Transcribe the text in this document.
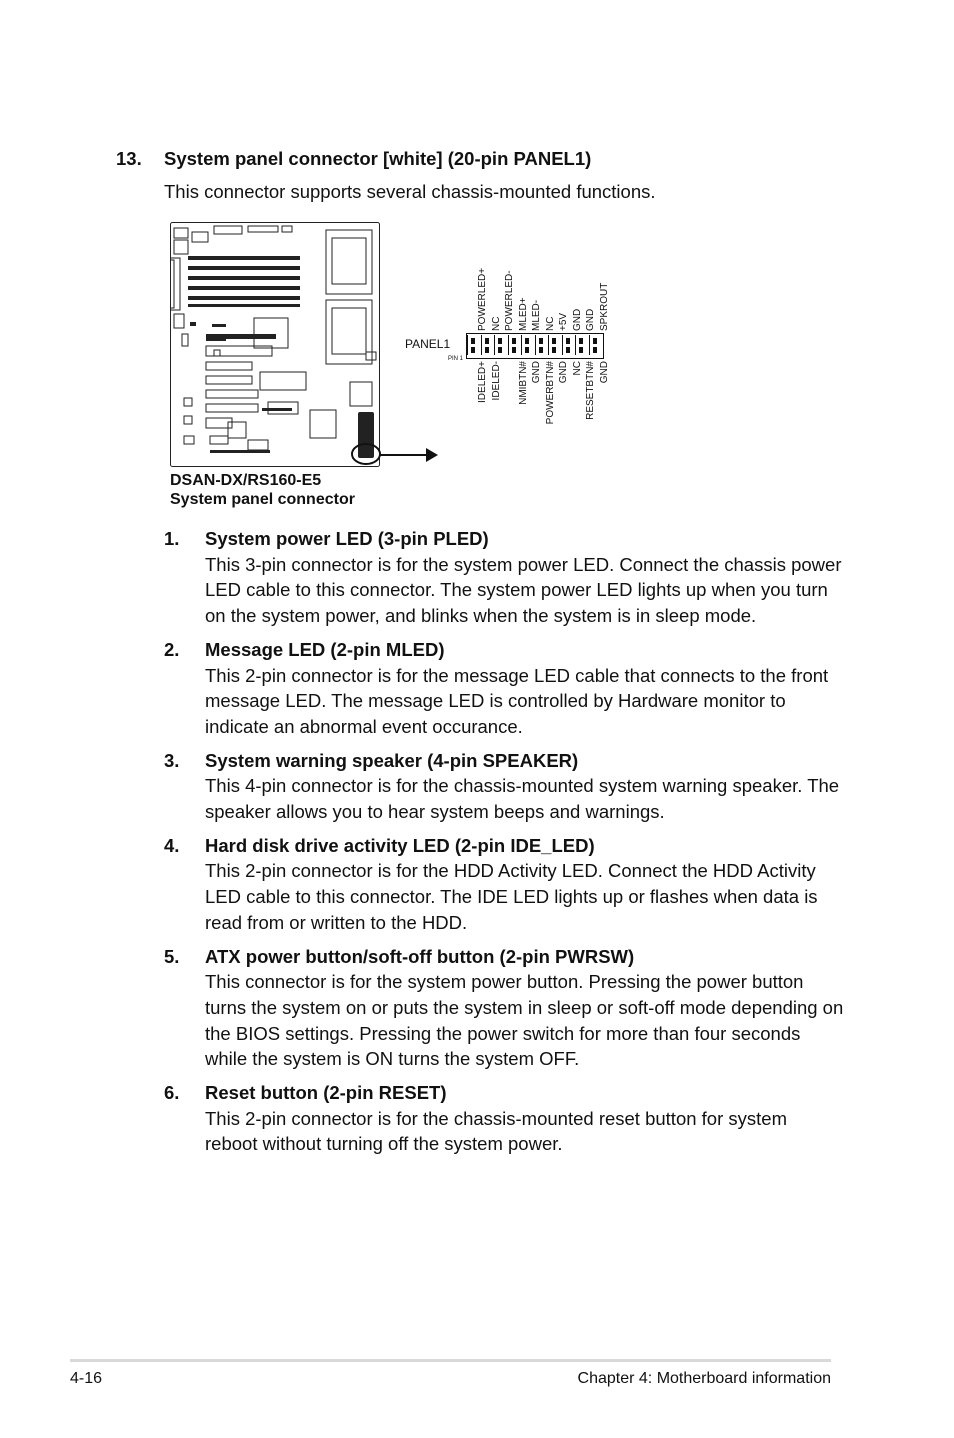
13. System panel connector [white] (20-pin PANEL1)
This connector supports several chassis-mounted functions.
PANEL1
PIN 1
POWERLED+ NC POWERLED- MLED+ MLED- NC +5V GND GND SPKROUT
IDELED+ IDELED- NMIBTN# GND POWERBTN# GND NC RESETBTN# GND
DSAN-DX/RS160-E5
System panel connector
1. System power LED (3-pin PLED)
This 3-pin connector is for the system power LED. Connect the chassis power LED cable to this connector. The system power LED lights up when you turn on the system power, and blinks when the system is in sleep mode.
2. Message LED (2-pin MLED)
This 2-pin connector is for the message LED cable that connects to the front message LED. The message LED is controlled by Hardware monitor to indicate an abnormal event occurance.
3. System warning speaker (4-pin SPEAKER)
This 4-pin connector is for the chassis-mounted system warning speaker. The speaker allows you to hear system beeps and warnings.
4. Hard disk drive activity LED (2-pin IDE_LED)
This 2-pin connector is for the HDD Activity LED. Connect the HDD Activity LED cable to this connector. The IDE LED lights up or flashes when data is read from or written to the HDD.
5. ATX power button/soft-off button (2-pin PWRSW)
This connector is for the system power button. Pressing the power button turns the system on or puts the system in sleep or soft-off mode depending on the BIOS settings. Pressing the power switch for more than four seconds while the system is ON turns the system OFF.
6. Reset button (2-pin RESET)
This 2-pin connector is for the chassis-mounted reset button for system reboot without turning off the system power.
4-16	Chapter 4: Motherboard information
